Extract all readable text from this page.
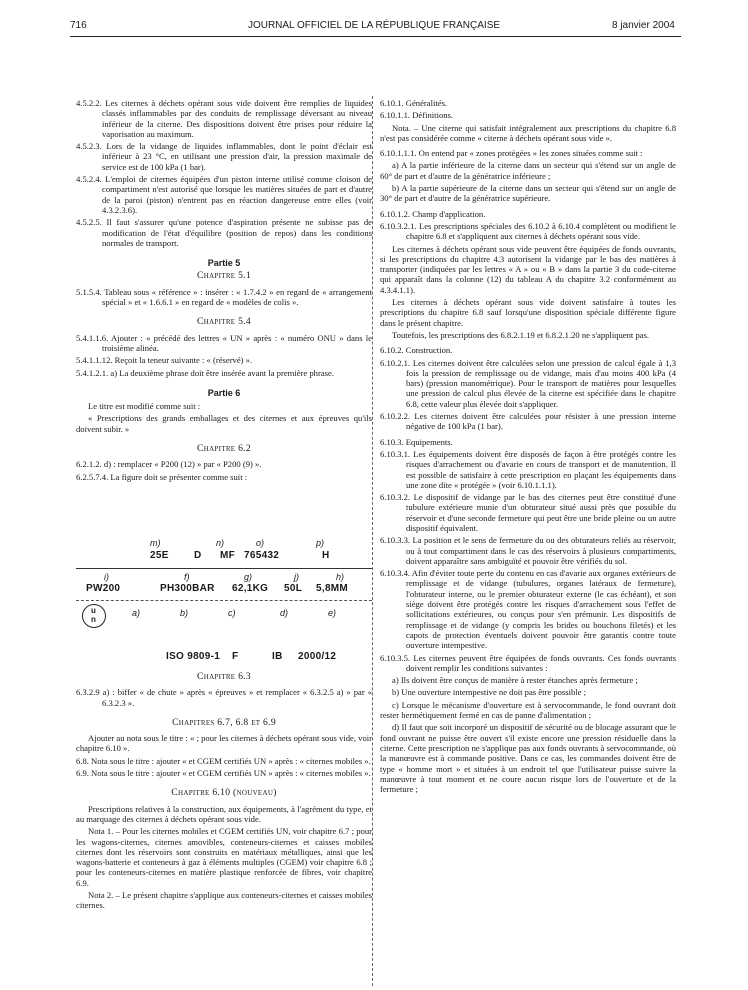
716	JOURNAL OFFICIEL DE LA RÉPUBLIQUE FRANÇAISE	8 janvier 2004

4.5.2.2. Les citernes à déchets opérant sous vide doivent être remplies de liquides classés inflammables par des conduits de remplissage déversant au niveau inférieur de la citerne. Des dispositions doivent être prises pour réduire la vaporisation au maximum.

4.5.2.3. Lors de la vidange de liquides inflammables, dont le point d'éclair est inférieur à 23 °C, en utilisant une pression d'air, la pression maximale de service est de 100 kPa (1 bar).

4.5.2.4. L'emploi de citernes équipées d'un piston interne utilisé comme cloison de compartiment n'est autorisé que lorsque les matières situées de part et d'autre de la paroi (piston) n'entrent pas en réaction dangereuse entre elles (voir 4.3.2.3.6).

4.5.2.5. Il faut s'assurer qu'une potence d'aspiration présente ne subisse pas de modification de l'état d'équilibre (position de repos) dans les conditions normales de transport.

Partie 5
Chapitre 5.1

5.1.5.4. Tableau sous « référence » : insérer : « 1.7.4.2 » en regard de « arrangement spécial » et « 1.6.6.1 » en regard de « modèles de colis ».

Chapitre 5.4

5.4.1.1.6. Ajouter : « précédé des lettres « UN » après : « numéro ONU » dans le troisième alinéa.

5.4.1.1.12. Reçoit la teneur suivante : « (réservé) ».

5.4.1.2.1. a) La deuxième phrase doit être insérée avant la première phrase.

Partie 6

Le titre est modifié comme suit :

« Prescriptions des grands emballages et des citernes et aux épreuves qu'ils doivent subir. »

Chapitre 6.2

6.2.1.2. d) : remplacer « P200 (12) » par « P200 (9) ».

6.2.5.7.4. La figure doit se présenter comme suit :

m)	n)	o)	p)
25E	D MF 765432	H
i)	f)	g)	j)	h)
PW200	PH300BAR 62,1KG 50L 5,8MM
a)	b)	c)	d)	e)
u
n
ISO 9809-1 F	IB 2000/12
Chapitre 6.3

6.3.2.9 a) : biffer « de chute » après « épreuves » et remplacer « 6.3.2.5 a) » par « 6.3.2.3 ».

Chapitres 6.7, 6.8 et 6.9

Ajouter au nota sous le titre : « ; pour les citernes à déchets opérant sous vide, voir chapitre 6.10 ».

6.8. Nota sous le titre : ajouter « et CGEM certifiés UN » après : « citernes mobiles ».

6.9. Nota sous le titre : ajouter « et CGEM certifiés UN » après : « citernes mobiles ».

Chapitre 6.10 (nouveau)

Prescriptions relatives à la construction, aux équipements, à l'agrément du type, et au marquage des citernes à déchets opérant sous vide.

Nota 1. – Pour les citernes mobiles et CGEM certifiés UN, voir chapitre 6.7 ; pour les wagons-citernes, citernes amovibles, conteneurs-citernes et caisses mobiles citernes dont les réservoirs sont construits en matériaux métalliques, ainsi que les wagons-batterie et conteneurs à gaz à éléments multiples (CGEM) voir chapitre 6.8 ; pour les conteneurs-citernes en matière plastique renforcée de fibres, voir chapitre 6.9.

Nota 2. – Le présent chapitre s'applique aux conteneurs-citernes et caisses mobiles citernes.

6.10.1. Généralités.

6.10.1.1. Définitions.

Nota. – Une citerne qui satisfait intégralement aux prescriptions du chapitre 6.8 n'est pas considérée comme « citerne à déchets opérant sous vide ».

6.10.1.1.1. On entend par « zones protégées » les zones situées comme suit :

a) A la partie inférieure de la citerne dans un secteur qui s'étend sur un angle de 60° de part et d'autre de la génératrice inférieure ;

b) A la partie supérieure de la citerne dans un secteur qui s'étend sur un angle de 30° de part et d'autre de la génératrice supérieure.

6.10.1.2. Champ d'application.

6.10.3.2.1. Les prescriptions spéciales des 6.10.2 à 6.10.4 complètent ou modifient le chapitre 6.8 et s'appliquent aux citernes à déchets opérant sous vide.

Les citernes à déchets opérant sous vide peuvent être équipées de fonds ouvrants, si les prescriptions du chapitre 4.3 autorisent la vidange par le bas des matières à transporter (indiquées par les lettres « A » ou « B » dans la partie 3 du code-citerne qui apparaît dans la colonne (12) du tableau A du chapitre 3.2 conformément au 4.3.4.1.1).

Les citernes à déchets opérant sous vide doivent satisfaire à toutes les prescriptions du chapitre 6.8 sauf lorsqu'une disposition spéciale différente figure dans le présent chapitre.

Toutefois, les prescriptions des 6.8.2.1.19 et 6.8.2.1.20 ne s'appliquent pas.

6.10.2. Construction.

6.10.2.1. Les citernes doivent être calculées selon une pression de calcul égale à 1,3 fois la pression de remplissage ou de vidange, mais d'au moins 400 kPa (4 bars) (pression manométrique). Pour le transport de matières pour lesquelles une pression de calcul plus élevée de la citerne est spécifiée dans le chapitre 6.8, cette valeur plus élevée doit s'appliquer.

6.10.2.2. Les citernes doivent être calculées pour résister à une pression interne négative de 100 kPa (1 bar).

6.10.3. Equipements.

6.10.3.1. Les équipements doivent être disposés de façon à être protégés contre les risques d'arrachement ou d'avarie en cours de transport et de manutention. Il est possible de satisfaire à cette prescription en plaçant les équipements dans une zone dite « protégée » (voir 6.10.1.1.1).

6.10.3.2. Le dispositif de vidange par le bas des citernes peut être constitué d'une tubulure extérieure munie d'un obturateur situé aussi près que possible du réservoir et d'une seconde fermeture qui peut être une bride pleine ou un autre dispositif équivalent.

6.10.3.3. La position et le sens de fermeture du ou des obturateurs reliés au réservoir, ou à tout compartiment dans le cas des réservoirs à plusieurs compartiments, doivent apparaître sans ambiguïté et pouvoir être vérifiés du sol.

6.10.3.4. Afin d'éviter toute perte du contenu en cas d'avarie aux organes extérieurs de remplissage et de vidange (tubulures, organes latéraux de fermeture), l'obturateur interne, ou le premier obturateur externe (le cas échéant), et son siège doivent être protégés contre les risques d'arrachement sous l'effet de sollicitations extérieures, ou conçus pour s'en prémunir. Les dispositifs de remplissage et de vidange (y compris les brides ou bouchons filetés) et les capots de protection éventuels doivent pouvoir être garantis contre toute ouverture intempestive.

6.10.3.5. Les citernes peuvent être équipées de fonds ouvrants. Ces fonds ouvrants doivent remplir les conditions suivantes :

a) Ils doivent être conçus de manière à rester étanches après fermeture ;

b) Une ouverture intempestive ne doit pas être possible ;

c) Lorsque le mécanisme d'ouverture est à servocommande, le fond ouvrant doit rester hermétiquement fermé en cas de panne d'alimentation ;

d) Il faut que soit incorporé un dispositif de sécurité ou de blocage assurant que le fond ouvrant ne puisse être ouvert s'il existe encore une pression résiduelle dans la citerne. Cette prescription ne s'applique pas aux fonds ouvrants à servocommande, où la manœuvre est à commande positive. Dans ce cas, les commandes doivent être de type « homme mort » et situées à un endroit tel que l'utilisateur puisse suivre la manœuvre à tout moment et ne coure aucun risque lors de l'ouverture et de la fermeture ;
